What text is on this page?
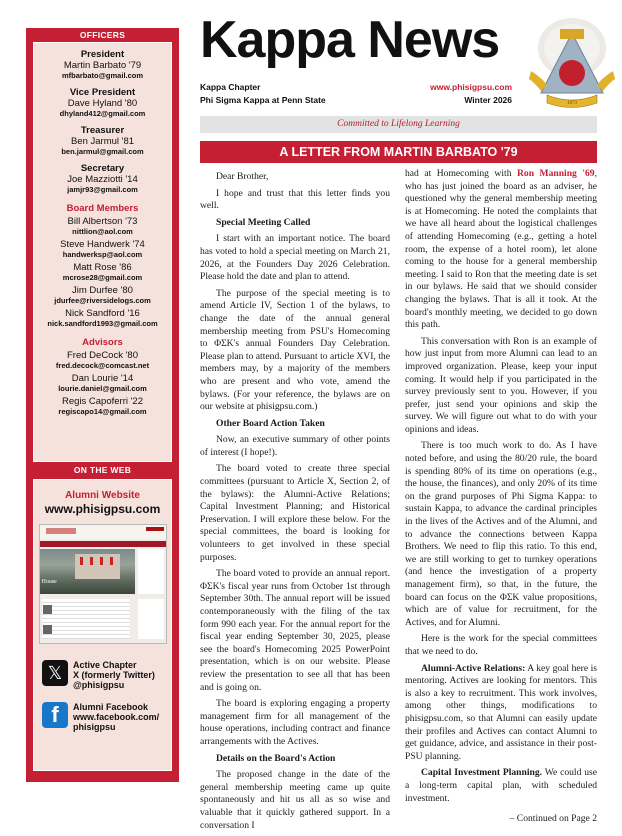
OFFICERS
President
Martin Barbato '79
mfbarbato@gmail.com
Vice President
Dave Hyland '80
dhyland412@gmail.com
Treasurer
Ben Jarmul '81
ben.jarmul@gmail.com
Secretary
Joe Mazziotti '14
jamjr93@gmail.com
Board Members
Bill Albertson '73
nittlion@aol.com
Steve Handwerk '74
handwerksp@aol.com
Matt Rose '86
mcrose28@gmail.com
Jim Durfee '80
jdurfee@riversidelogs.com
Nick Sandford '16
nick.sandford1993@gmail.com
Advisors
Fred DeCock '80
fred.decock@comcast.net
Dan Lourie '14
lourie.daniel@gmail.com
Regis Capoferri '22
regiscapo14@gmail.com
ON THE WEB
Alumni Website
www.phisigpsu.com
House
𝕏	Active Chapter
X (formerly Twitter)
@phisigpsu
f	Alumni Facebook
www.facebook.com/
phisigpsu
Kappa News
Kappa Chapter
Phi Sigma Kappa at Penn State
www.phisigpsu.com
Winter 2026	1873
Committed to Lifelong Learning
A LETTER FROM MARTIN BARBATO '79

Dear Brother,

I hope and trust that this letter finds you well.

Special Meeting Called

I start with an important notice. The board has voted to hold a special meeting on March 21, 2026, at the Founders Day 2026 Celebration. Please hold the date and plan to attend.

The purpose of the special meeting is to amend Article IV, Section 1 of the bylaws, to change the date of the annual general membership meeting from PSU's Homecoming to ΦΣK's annual Founders Day Celebration. Please plan to attend. Pursuant to article XVI, the members may, by a majority of the members who are present and who vote, amend the bylaws. (For your reference, the bylaws are on our website at phisigpsu.com.)

Other Board Action Taken

Now, an executive summary of other points of interest (I hope!).

The board voted to create three special committees (pursuant to Article X, Section 2, of the bylaws): the Alumni-Active Relations; Capital Investment Planning; and Historical Preservation. I will explore these below. For the special committees, the board is looking for volunteers to get involved in these special purposes.

The board voted to provide an annual report. ΦΣK's fiscal year runs from October 1st through September 30th. The annual report will be issued contemporaneously with the filing of the tax form 990 each year. For the annual report for the fiscal year ending September 30, 2025, please see the board's Homecoming 2025 PowerPoint presentation, which is on our website. Please review the presentation to see all that has been and is going on.

The board is exploring engaging a property management firm for all management of the house operations, including contract and finance arrangements with the Actives.

Details on the Board's Action

The proposed change in the date of the general membership meeting came up quite spontaneously and hit us all as so wise and valuable that it quickly gathered support. In a conversation I

had at Homecoming with Ron Manning '69, who has just joined the board as an adviser, he questioned why the general membership meeting is at Homecoming. He noted the complaints that we have all heard about the logistical challenges of attending Homecoming (e.g., getting a hotel room, the expense of a hotel room), let alone coming to the house for a general membership meeting. I said to Ron that the meeting date is set in our bylaws. He said that we should consider changing the bylaws. That is all it took. At the board's monthly meeting, we decided to go down this path.

This conversation with Ron is an example of how just input from more Alumni can lead to an improved organization. Please, keep your input coming. It would help if you participated in the survey previously sent to you. However, if you prefer, just send your opinions and skip the survey. We will figure out what to do with your opinions and ideas.

There is too much work to do. As I have noted before, and using the 80/20 rule, the board is spending 80% of its time on operations (e.g., the house, the finances), and only 20% of its time on the grand purposes of Phi Sigma Kappa: to sustain Kappa, to advance the cardinal principles in the lives of the Actives and of the Alumni, and to advance the connections between Kappa Brothers. We need to flip this ratio. To this end, we are still working to get to turnkey operations (and hence the investigation of a property management firm), so that, in the future, the board can focus on the ΦΣK value propositions, which are of value for recruitment, for the Actives, and for Alumni.

Here is the work for the special committees that we need to do.

Alumni-Active Relations: A key goal here is mentoring. Actives are looking for mentors. This is also a key to recruitment. This work involves, among other things, modifications to phisigpsu.com, so that Alumni can easily update their profiles and Actives can contact Alumni to get guidance, advice, and assistance in their post-PSU planning.

Capital Investment Planning. We could use a long-term capital plan, with scheduled investment.

– Continued on Page 2
